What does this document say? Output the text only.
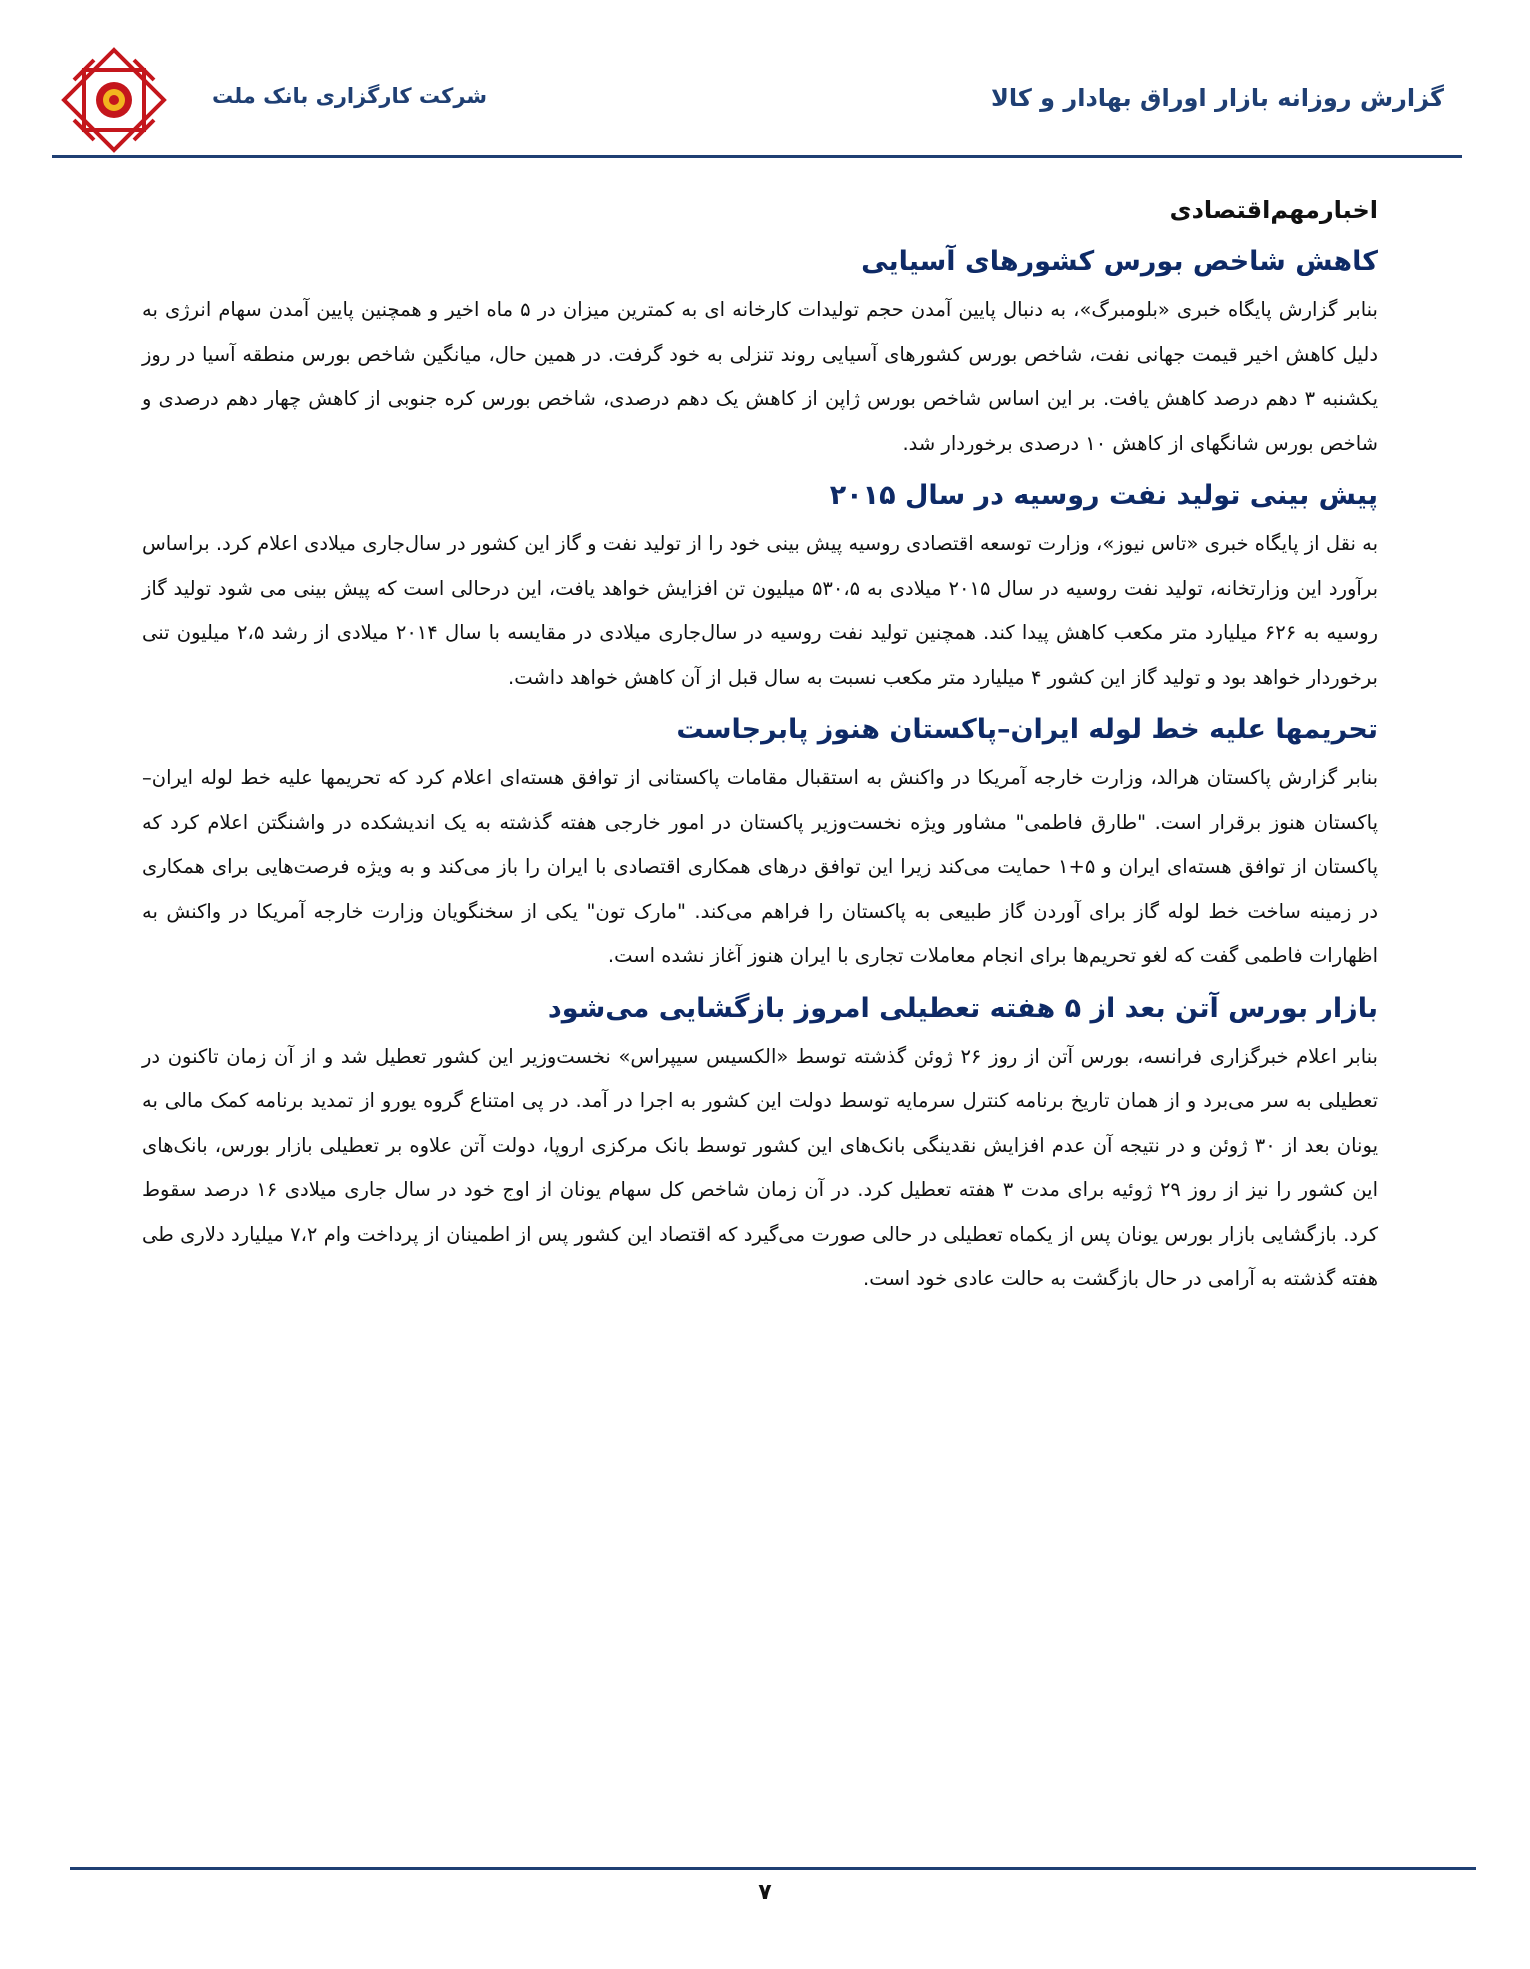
شرکت کارگزاری بانک ملت	گزارش روزانه بازار اوراق بهادار و کالا
اخبارمهم‌اقتصادی
کاهش شاخص بورس کشورهای آسیایی

بنابر گزارش پایگاه خبری «بلومبرگ»، به دنبال پایین آمدن حجم تولیدات کارخانه ای به کمترین میزان در ۵ ماه اخیر و همچنین پایین آمدن سهام انرژی به دلیل کاهش اخیر قیمت جهانی نفت، شاخص بورس کشورهای آسیایی روند تنزلی به خود گرفت. در همین حال، میانگین شاخص بورس منطقه آسیا در روز یکشنبه ۳ دهم درصد کاهش یافت. بر این اساس شاخص بورس ژاپن از کاهش یک دهم درصدی، شاخص بورس کره جنوبی از کاهش چهار دهم درصدی و شاخص بورس شانگهای از کاهش ۱۰ درصدی برخوردار شد.

پیش بینی تولید نفت روسیه در سال ۲۰۱۵

به نقل از پایگاه خبری «تاس نیوز»، وزارت توسعه اقتصادی روسیه پیش بینی خود را از تولید نفت و گاز این کشور در سال‌جاری میلادی اعلام کرد. براساس برآورد این وزارتخانه، تولید نفت روسیه در سال ۲۰۱۵ میلادی به ۵۳۰،۵ میلیون تن افزایش خواهد یافت، این درحالی است که پیش بینی می شود تولید گاز روسیه به ۶۲۶ میلیارد متر مکعب کاهش پیدا کند. همچنین تولید نفت روسیه در سال‌جاری میلادی در مقایسه با سال ۲۰۱۴ میلادی از رشد ۲،۵ میلیون تنی برخوردار خواهد بود و تولید گاز این کشور ۴ میلیارد متر مکعب نسبت به سال قبل از آن کاهش خواهد داشت.

تحریمها علیه خط لوله ایران–پاکستان هنوز پابرجاست

بنابر گزارش پاکستان هرالد، وزارت خارجه آمریکا در واکنش به استقبال مقامات پاکستانی از توافق هسته‌ای اعلام کرد که تحریمها علیه خط لوله ایران–پاکستان هنوز برقرار است. "طارق فاطمی" مشاور ویژه نخست‌وزیر پاکستان در امور خارجی هفته گذشته به یک اندیشکده در واشنگتن اعلام کرد که پاکستان از توافق هسته‌ای ایران و ۵+۱ حمایت می‌کند زیرا این توافق درهای همکاری اقتصادی با ایران را باز می‌کند و به ویژه فرصت‌هایی برای همکاری در زمینه ساخت خط لوله گاز برای آوردن گاز طبیعی به پاکستان را فراهم می‌کند. "مارک تون" یکی از سخنگویان وزارت خارجه آمریکا در واکنش به اظهارات فاطمی گفت که لغو تحریم‌ها برای انجام معاملات تجاری با ایران هنوز آغاز نشده است.

بازار بورس آتن بعد از ۵ هفته تعطیلی امروز بازگشایی می‌شود

بنابر اعلام خبرگزاری فرانسه، بورس آتن از روز ۲۶ ژوئن گذشته توسط «الکسیس سیپراس» نخست‌وزیر این کشور تعطیل شد و از آن زمان تاکنون در تعطیلی به سر می‌برد و از همان تاریخ برنامه کنترل سرمایه توسط دولت این کشور به اجرا در آمد. در پی امتناع گروه یورو از تمدید برنامه کمک مالی به یونان بعد از ۳۰ ژوئن و در نتیجه آن عدم افزایش نقدینگی بانک‌های این کشور توسط بانک مرکزی اروپا، دولت آتن علاوه بر تعطیلی بازار بورس، بانک‌های این کشور را نیز از روز ۲۹ ژوئیه برای مدت ۳ هفته تعطیل کرد. در آن زمان شاخص کل سهام یونان از اوج خود در سال جاری میلادی ۱۶ درصد سقوط کرد. بازگشایی بازار بورس یونان پس از یکماه تعطیلی در حالی صورت می‌گیرد که اقتصاد این کشور پس از اطمینان از پرداخت وام ۷،۲ میلیارد دلاری طی هفته گذشته به آرامی در حال بازگشت به حالت عادی خود است.

۷
